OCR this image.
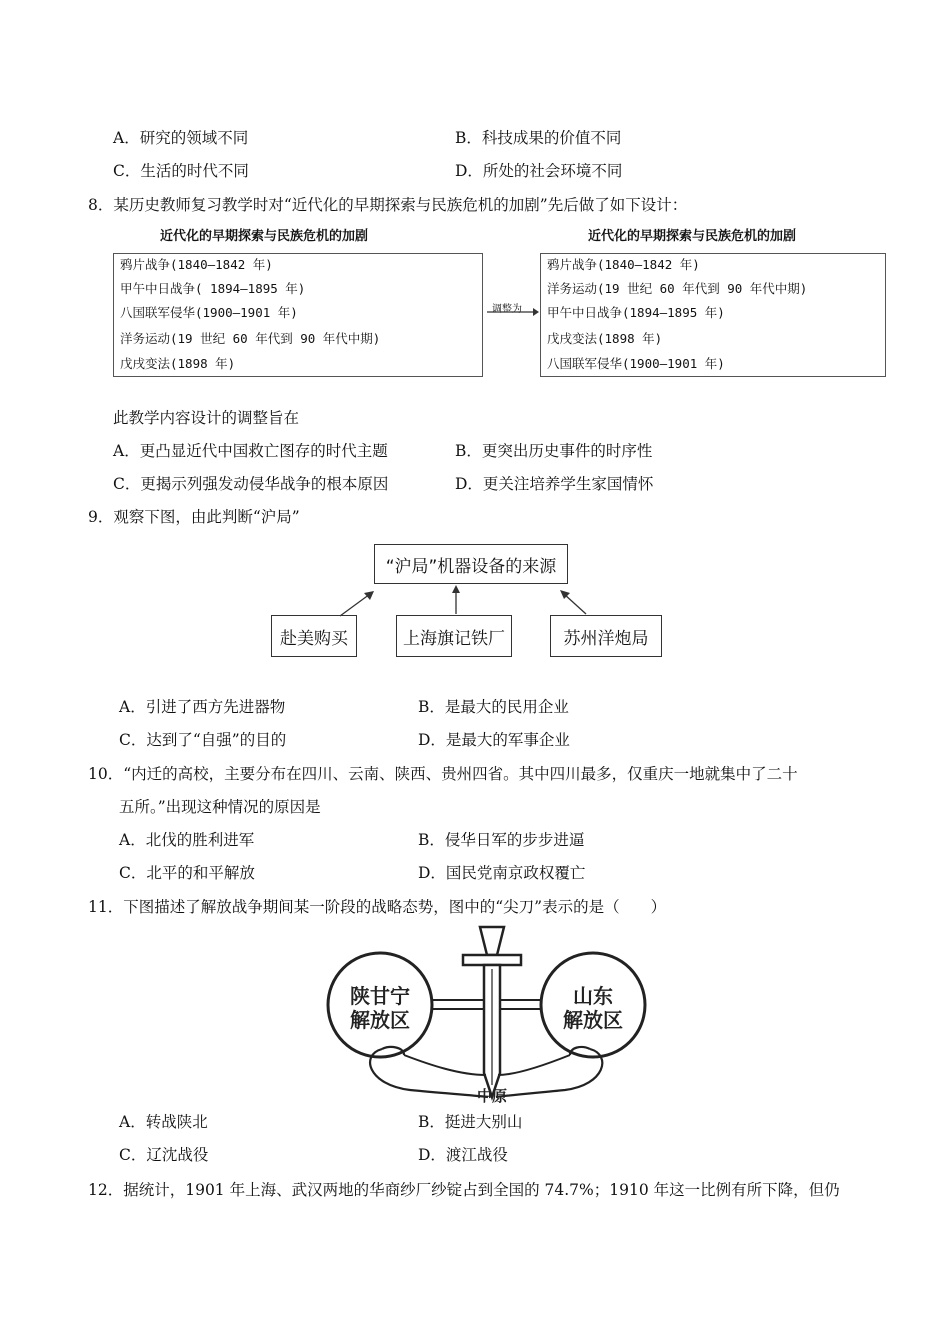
A．研究的领域不同	B．科技成果的价值不同
C．生活的时代不同	D．所处的社会环境不同
8．某历史教师复习教学时对“近代化的早期探索与民族危机的加剧”先后做了如下设计：
近代化的早期探索与民族危机的加剧
鸦片战争(1840—1842 年)
甲午中日战争( 1894—1895 年)
八国联军侵华(1900—1901 年)
洋务运动(19 世纪 60 年代到 90 年代中期)
戊戌变法(1898 年)
调整为
近代化的早期探索与民族危机的加剧
鸦片战争(1840—1842 年)
洋务运动(19 世纪 60 年代到 90 年代中期)
甲午中日战争(1894—1895 年)
戊戌变法(1898 年)
八国联军侵华(1900—1901 年)
此教学内容设计的调整旨在
A．更凸显近代中国救亡图存的时代主题	B．更突出历史事件的时序性
C．更揭示列强发动侵华战争的根本原因	D．更关注培养学生家国情怀
9．观察下图，由此判断“沪局”
“沪局”机器设备的来源
赴美购买	上海旗记铁厂	苏州洋炮局
A．引进了西方先进器物	B．是最大的民用企业
C．达到了“自强”的目的	D．是最大的军事企业
10．“内迁的高校，主要分布在四川、云南、陕西、贵州四省。其中四川最多，仅重庆一地就集中了二十
五所。”出现这种情况的原因是
A．北伐的胜利进军	B．侵华日军的步步进逼
C．北平的和平解放	D．国民党南京政权覆亡
11．下图描述了解放战争期间某一阶段的战略态势，图中的“尖刀”表示的是（　　）
陕甘宁
解放区
山东
解放区
中原
A．转战陕北	B．挺进大别山
C．辽沈战役	D．渡江战役
12．据统计，1901 年上海、武汉两地的华商纱厂纱锭占到全国的 74.7%；1910 年这一比例有所下降，但仍
